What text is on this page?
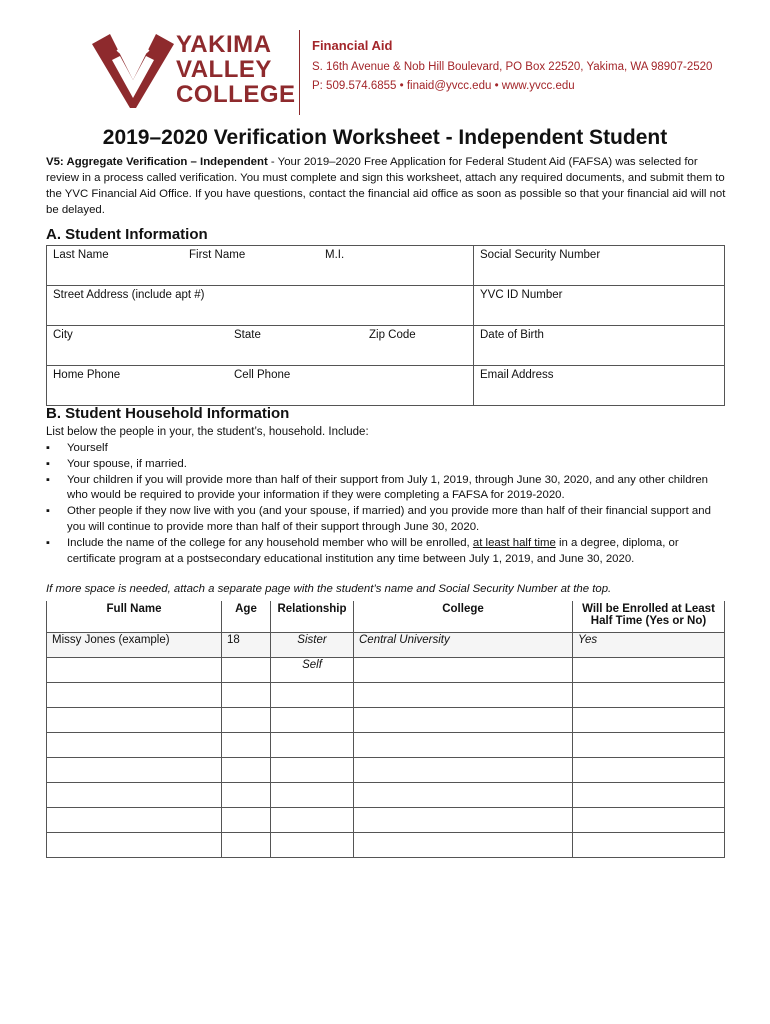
YAKIMA
VALLEY
COLLEGE
Financial Aid
S. 16th Avenue & Nob Hill Boulevard, PO Box 22520, Yakima, WA 98907-2520
P: 509.574.6855 • finaid@yvcc.edu • www.yvcc.edu
2019–2020 Verification Worksheet - Independent Student
V5: Aggregate Verification – Independent - Your 2019–2020 Free Application for Federal Student Aid (FAFSA) was selected for review in a process called verification. You must complete and sign this worksheet, attach any required documents, and submit them to the YVC Financial Aid Office. If you have questions, contact the financial aid office as soon as possible so that your financial aid will not be delayed.
A. Student Information
Last Name First Name M.I.	Social Security Number
Street Address (include apt #)	YVC ID Number
City State Zip Code	Date of Birth
Home Phone Cell Phone	Email Address
B. Student Household Information
List below the people in your, the student’s, household. Include:
▪ Yourself
▪ Your spouse, if married.
▪ Your children if you will provide more than half of their support from July 1, 2019, through June 30, 2020, and any other children who would be required to provide your information if they were completing a FAFSA for 2019-2020.
▪ Other people if they now live with you (and your spouse, if married) and you provide more than half of their financial support and you will continue to provide more than half of their support through June 30, 2020.
▪ Include the name of the college for any household member who will be enrolled, at least half time in a degree, diploma, or certificate program at a postsecondary educational institution any time between July 1, 2019, and June 30, 2020.
If more space is needed, attach a separate page with the student’s name and Social Security Number at the top.
Full Name	Age	Relationship	College	Will be Enrolled at Least Half Time (Yes or No)
Missy Jones (example)	18	Sister	Central University	Yes
		Self		
